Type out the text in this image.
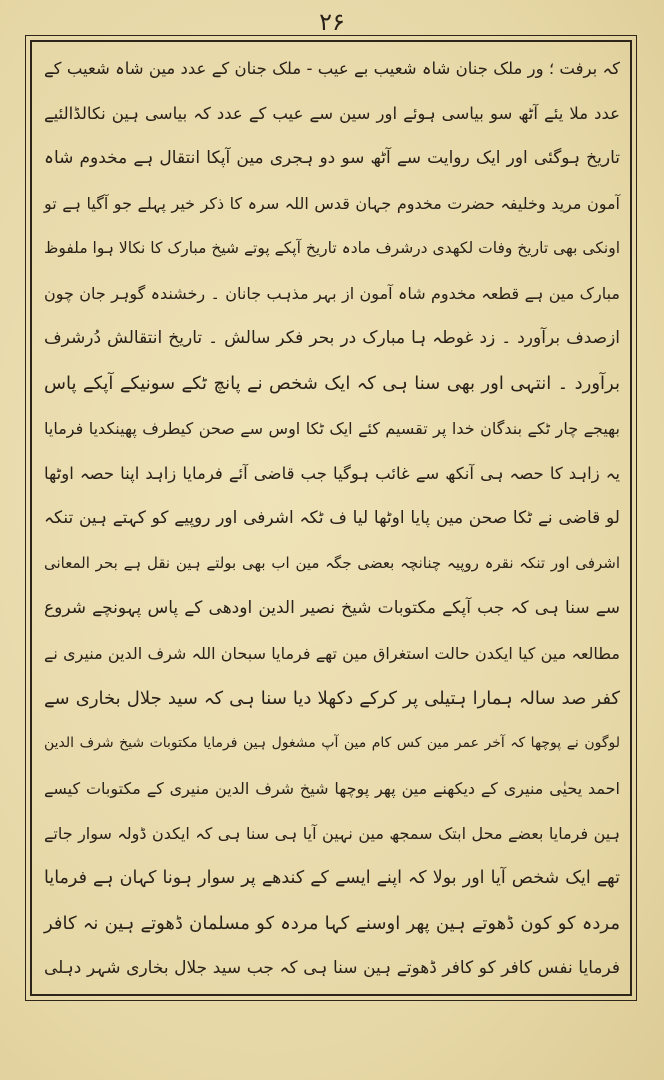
۲۶
کہ برفت ؛ ور ملک جنان شاہ شعیب بے عیب - ملک جنان کے عدد مین شاہ شعیب کے
عدد ملا یئے آٹھ سو بیاسی ہوئے اور سین سے عیب کے عدد کہ بیاسی ہین نکالڈالئیے
تاریخ ہوگئی اور ایک روایت سے آٹھ سو دو ہجری مین آپکا انتقال ہے مخدوم شاہ
آمون مرید وخلیفہ حضرت مخدوم جہان قدس اللہ سرہ کا ذکر خیر پہلے جو آگیا ہے تو
اونکی بھی تاریخ وفات لکھدی درشرف مادہ تاریخ آپکے پوتے شیخ مبارک کا نکالا ہوا ملفوظ
مبارک مین ہے قطعہ مخدوم شاہ آمون از بہر مذہب جانان ۔ رخشندہ گوہر جان چون
ازصدف برآورد ۔ زد غوطہ ہا مبارک در بحر فکر سالش ۔ تاریخ انتقالش دُرشرف
برآورد ۔ انتہی اور بھی سنا ہی کہ ایک شخص نے پانچ ٹکے سونیکے آپکے پاس
بھیجے چار ٹکے بندگان خدا پر تقسیم کئے ایک ٹکا اوس سے صحن کیطرف پھینکدیا فرمایا
یہ زاہد کا حصہ ہی آنکھ سے غائب ہوگیا جب قاضی آئے فرمایا زاہد اپنا حصہ اوٹھا
لو قاضی نے ٹکا صحن مین پایا اوٹھا لیا ف ٹکہ اشرفی اور روپیے کو کہتے ہین تنکہ
اشرفی اور تنکہ نقرہ روپیہ چنانچہ بعضی جگہ مین اب بھی بولتے ہین نقل ہے بحر المعانی
سے سنا ہی کہ جب آپکے مکتوبات شیخ نصیر الدین اودھی کے پاس پہونچے شروع
مطالعہ مین کیا ایکدن حالت استغراق مین تھے فرمایا سبحان اللہ شرف الدین منیری نے
کفر صد سالہ ہمارا ہتیلی پر کرکے دکھلا دیا سنا ہی کہ سید جلال بخاری سے
لوگون نے پوچھا کہ آخر عمر مین کس کام مین آپ مشغول ہین فرمایا مکتوبات شیخ شرف الدین
احمد یحیٰی منیری کے دیکھنے مین پھر پوچھا شیخ شرف الدین منیری کے مکتوبات کیسے
ہین فرمایا بعضے محل ابتک سمجھ مین نہین آیا ہی سنا ہی کہ ایکدن ڈولہ سوار جاتے
تھے ایک شخص آیا اور بولا کہ اپنے ایسے کے کندھے پر سوار ہونا کہان ہے فرمایا
مردہ کو کون ڈھوتے ہین پھر اوسنے کہا مردہ کو مسلمان ڈھوتے ہین نہ کافر
فرمایا نفس کافر کو کافر ڈھوتے ہین سنا ہی کہ جب سید جلال بخاری شہر دہلی
